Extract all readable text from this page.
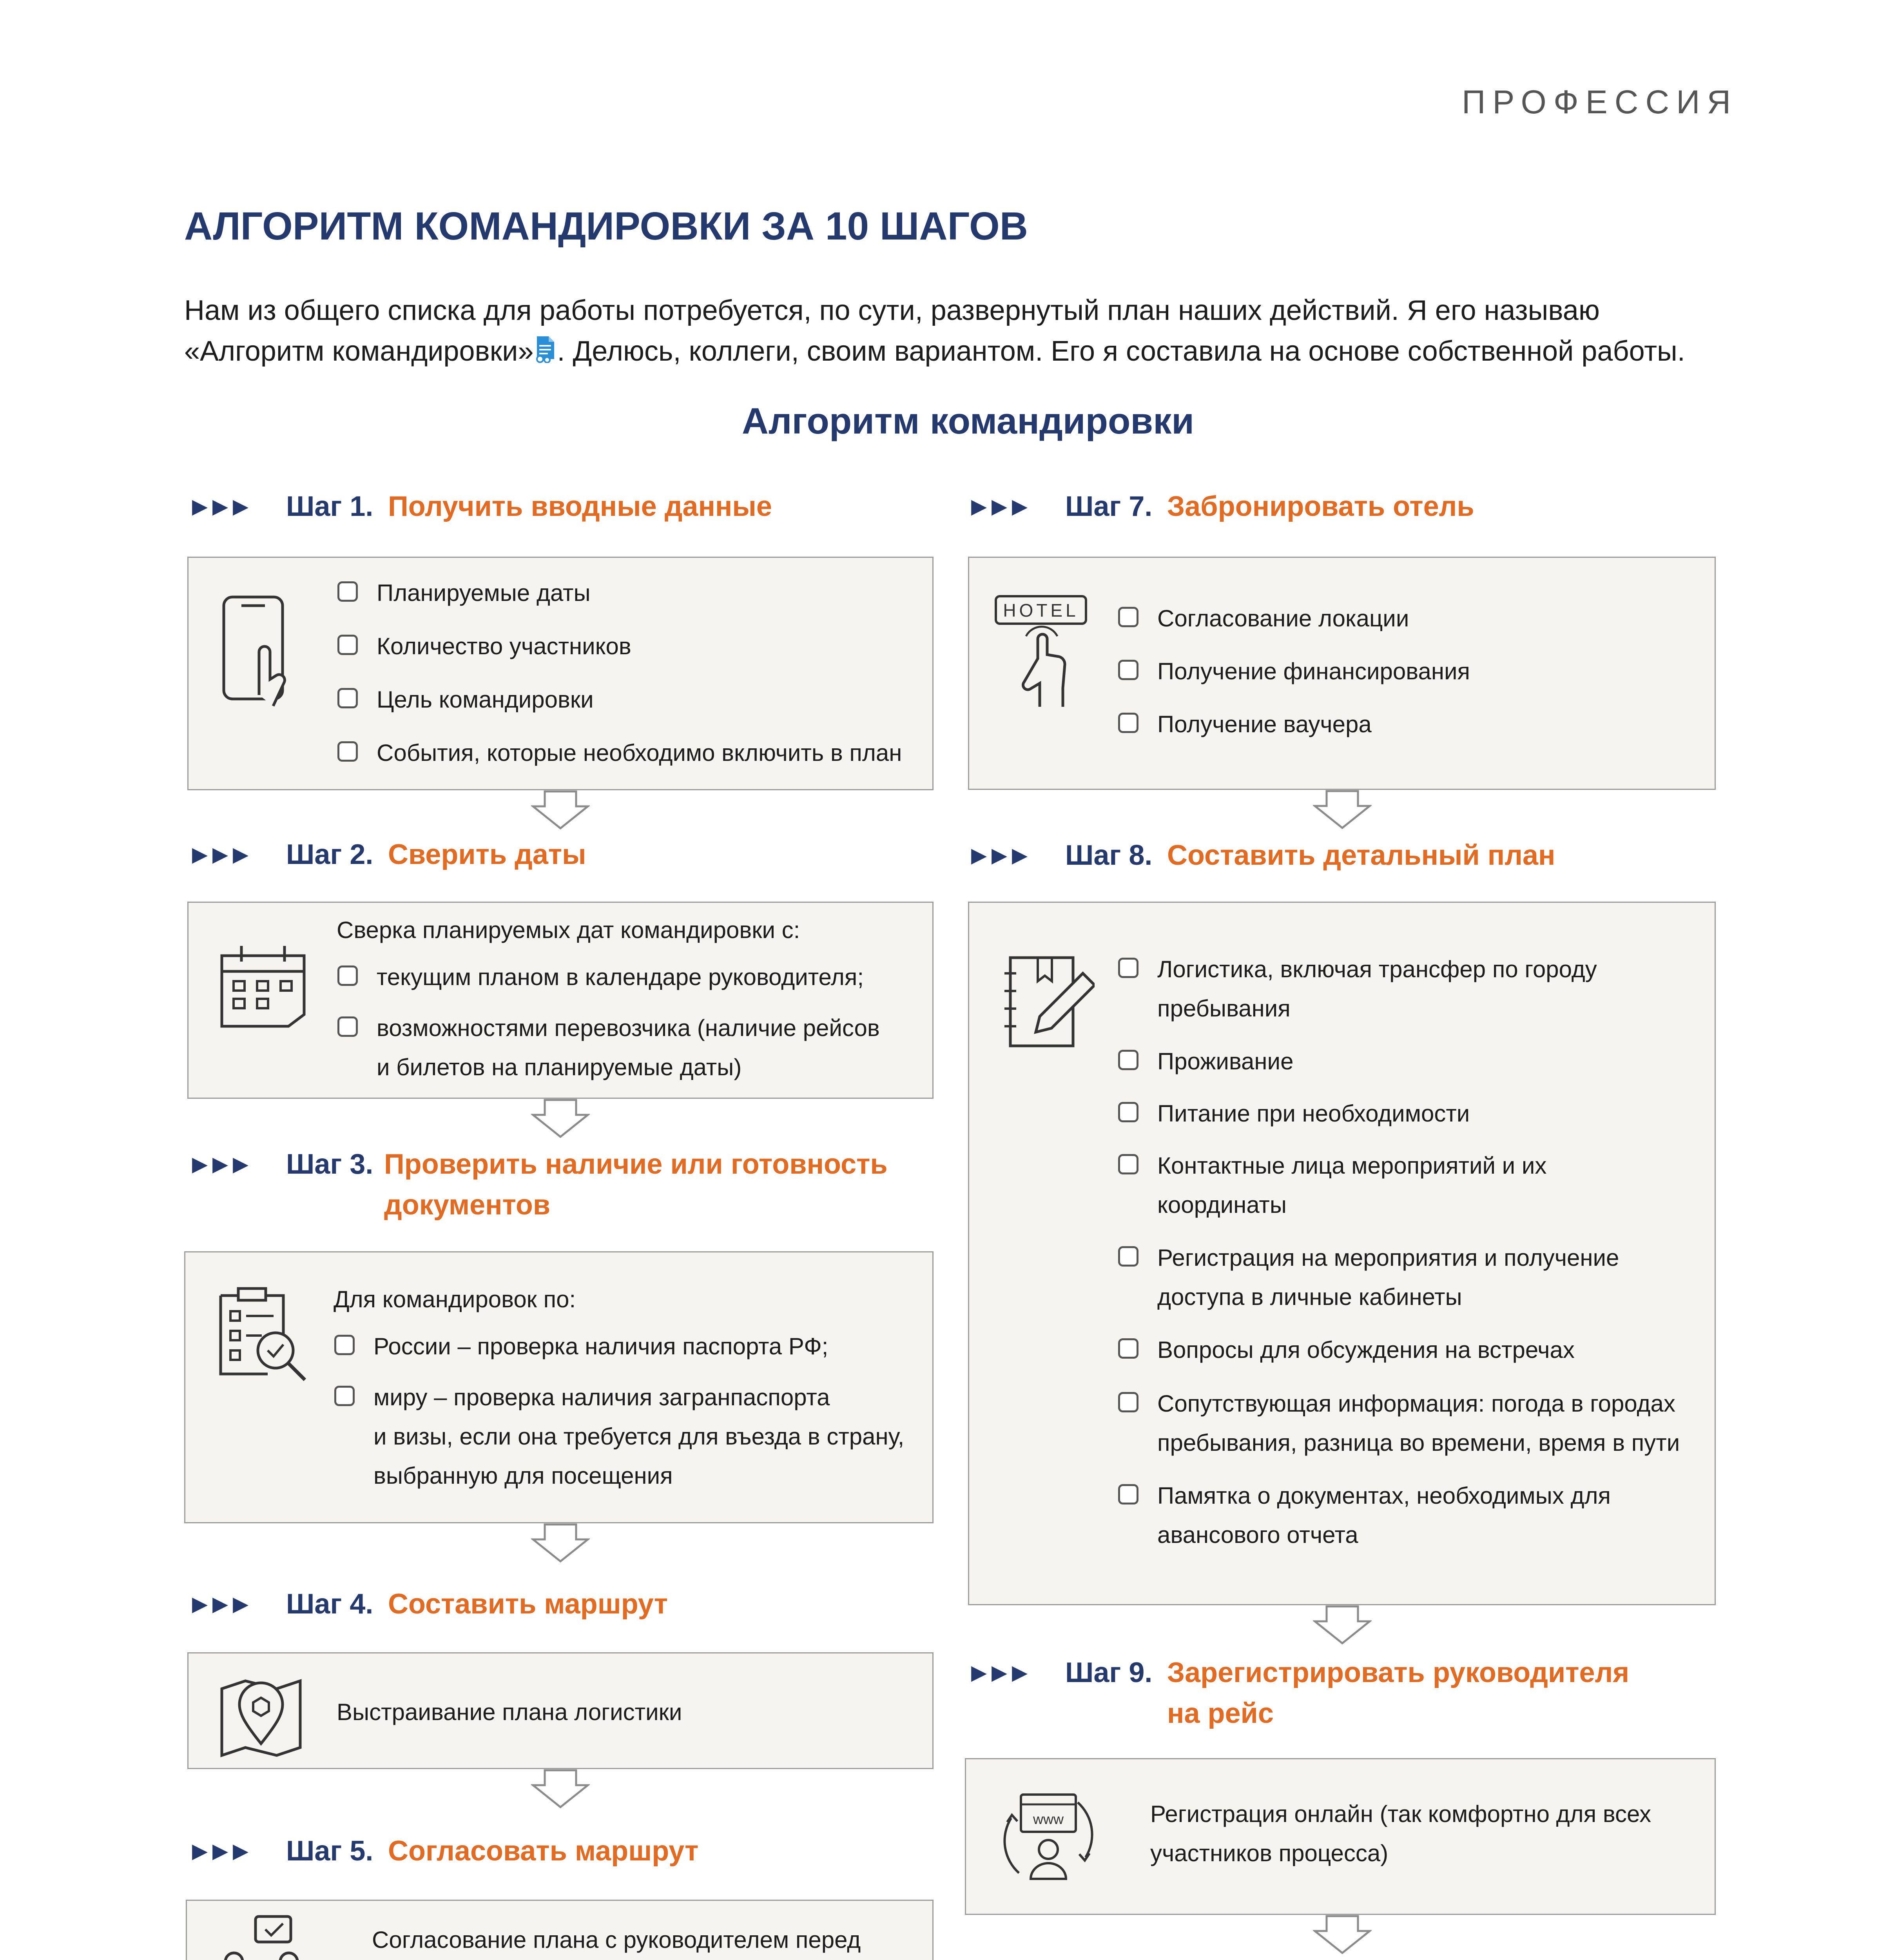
ПРОФЕССИЯ
АЛГОРИТМ КОМАНДИРОВКИ ЗА 10 ШАГОВ
Нам из общего списка для работы потребуется, по сути, развернутый план наших действий. Я его называю «Алгоритм командировки» . Делюсь, коллеги, своим вариантом. Его я составила на основе собственной работы.
Алгоритм командировки
▶▶▶ Шаг 1. Получить вводные данные
Планируемые даты
Количество участников
Цель командировки
События, которые необходимо включить в план
▶▶▶ Шаг 2. Сверить даты
Сверка планируемых дат командировки с:
текущим планом в календаре руководителя;
возможностями перевозчика (наличие рейсов
и билетов на планируемые даты)
▶▶▶ Шаг 3. Проверить наличие или готовность
документов
Для командировок по:
России – проверка наличия паспорта РФ;
миру – проверка наличия загранпаспорта
и визы, если она требуется для въезда в страну,
выбранную для посещения
▶▶▶ Шаг 4. Составить маршрут
Выстраивание плана логистики
▶▶▶ Шаг 5. Согласовать маршрут
Согласование плана с руководителем перед

▶▶▶ Шаг 7. Забронировать отель
HOTEL	Согласование локации
Получение финансирования
Получение ваучера
▶▶▶ Шаг 8. Составить детальный план
Логистика, включая трансфер по городу
пребывания
Проживание
Питание при необходимости
Контактные лица мероприятий и их
координаты
Регистрация на мероприятия и получение
доступа в личные кабинеты
Вопросы для обсуждения на встречах
Сопутствующая информация: погода в городах
пребывания, разница во времени, время в пути
Памятка о документах, необходимых для
авансового отчета
▶▶▶ Шаг 9. Зарегистрировать руководителя
на рейс
www	Регистрация онлайн (так комфортно для всех
участников процесса)
